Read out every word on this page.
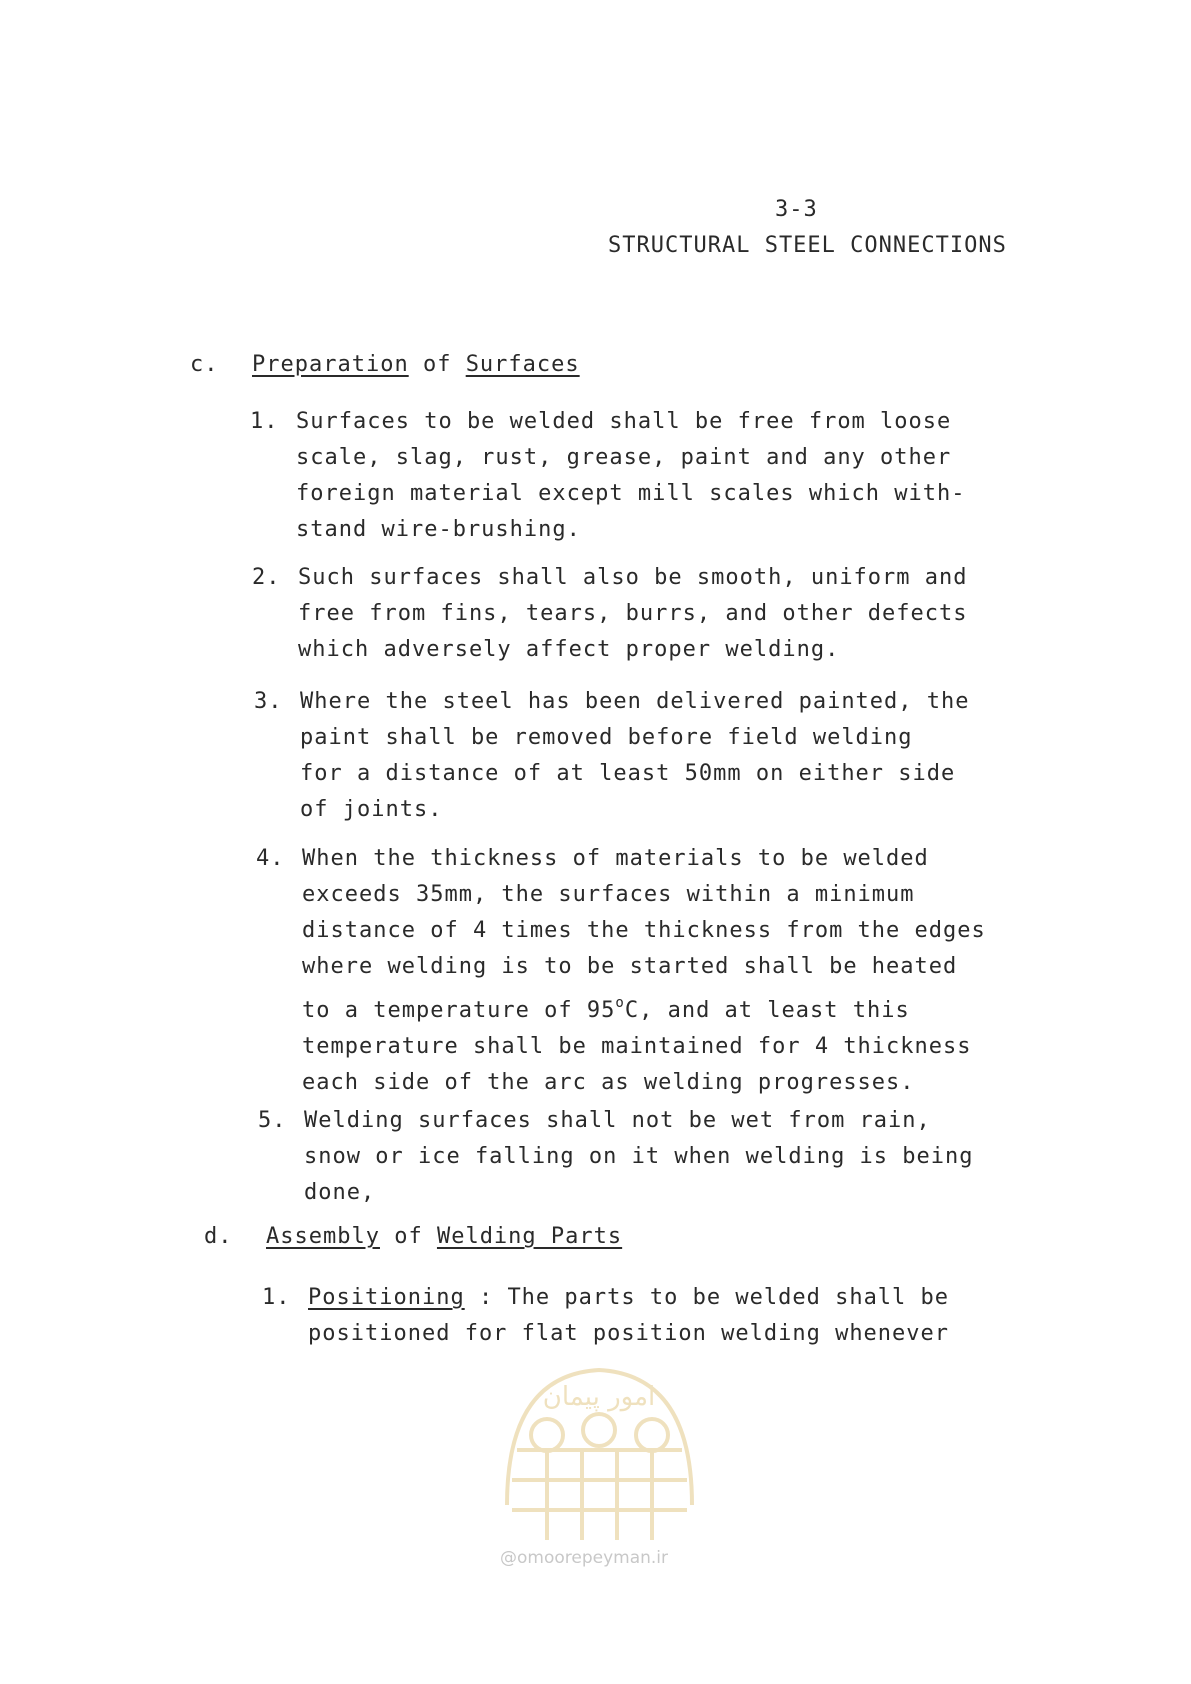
3-3
STRUCTURAL STEEL CONNECTIONS
c. Preparation of Surfaces
1. Surfaces to be welded shall be free from loose
scale, slag, rust, grease, paint and any other
foreign material except mill scales which with-
stand wire-brushing.
2. Such surfaces shall also be smooth, uniform and
free from fins, tears, burrs, and other defects
which adversely affect proper welding.
3. Where the steel has been delivered painted, the
paint shall be removed before field welding
for a distance of at least 50mm on either side
of joints.
4. When the thickness of materials to be welded
exceeds 35mm, the surfaces within a minimum
distance of 4 times the thickness from the edges
where welding is to be started shall be heated
to a temperature of 95$^o$C, and at least this
temperature shall be maintained for 4 thickness
each side of the arc as welding progresses.
5. Welding surfaces shall not be wet from rain,
snow or ice falling on it when welding is being
done,
d. Assembly of Welding Parts
1. Positioning : The parts to be welded shall be
positioned for flat position welding whenever
امور پیمان
@omoorepeyman.ir
